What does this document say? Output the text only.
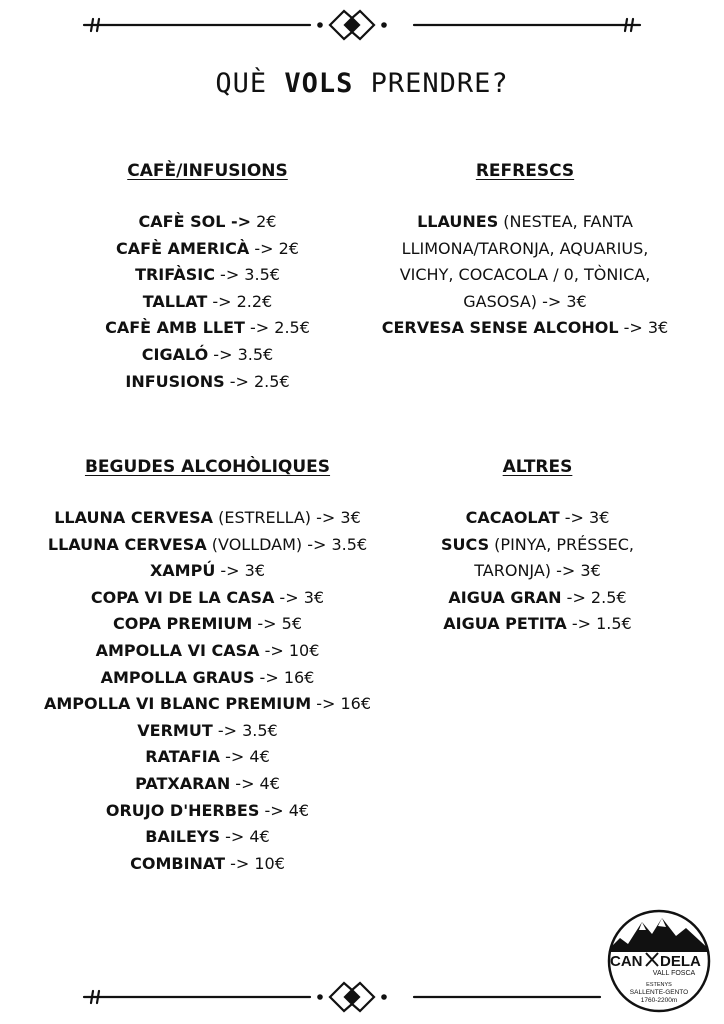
QUÈ VOLS PRENDRE?
CAFÈ/INFUSIONS
CAFÈ SOL -> 2€
CAFÈ AMERICÀ -> 2€
TRIFÀSIC -> 3.5€
TALLAT -> 2.2€
CAFÈ AMB LLET -> 2.5€
CIGALÓ -> 3.5€
INFUSIONS -> 2.5€
REFRESCS
LLAUNES (NESTEA, FANTA LLIMONA/TARONJA, AQUARIUS, VICHY, COCACOLA / 0, TÒNICA, GASOSA) -> 3€
CERVESA SENSE ALCOHOL -> 3€
BEGUDES ALCOHÒLIQUES
LLAUNA CERVESA (ESTRELLA) -> 3€
LLAUNA CERVESA (VOLLDAM) -> 3.5€
XAMPÚ -> 3€
COPA VI DE LA CASA -> 3€
COPA PREMIUM -> 5€
AMPOLLA VI CASA -> 10€
AMPOLLA GRAUS -> 16€
AMPOLLA VI BLANC PREMIUM -> 16€
VERMUT -> 3.5€
RATAFIA -> 4€
PATXARAN -> 4€
ORUJO D'HERBES -> 4€
BAILEYS -> 4€
COMBINAT -> 10€
ALTRES
CACAOLAT -> 3€
SUCS (PINYA, PRÉSSEC, TARONJA) -> 3€
AIGUA GRAN -> 2.5€
AIGUA PETITA -> 1.5€
CAN DELA
VALL FOSCA
ESTENYS
SALLENTE-GENTO
1760-2200m
